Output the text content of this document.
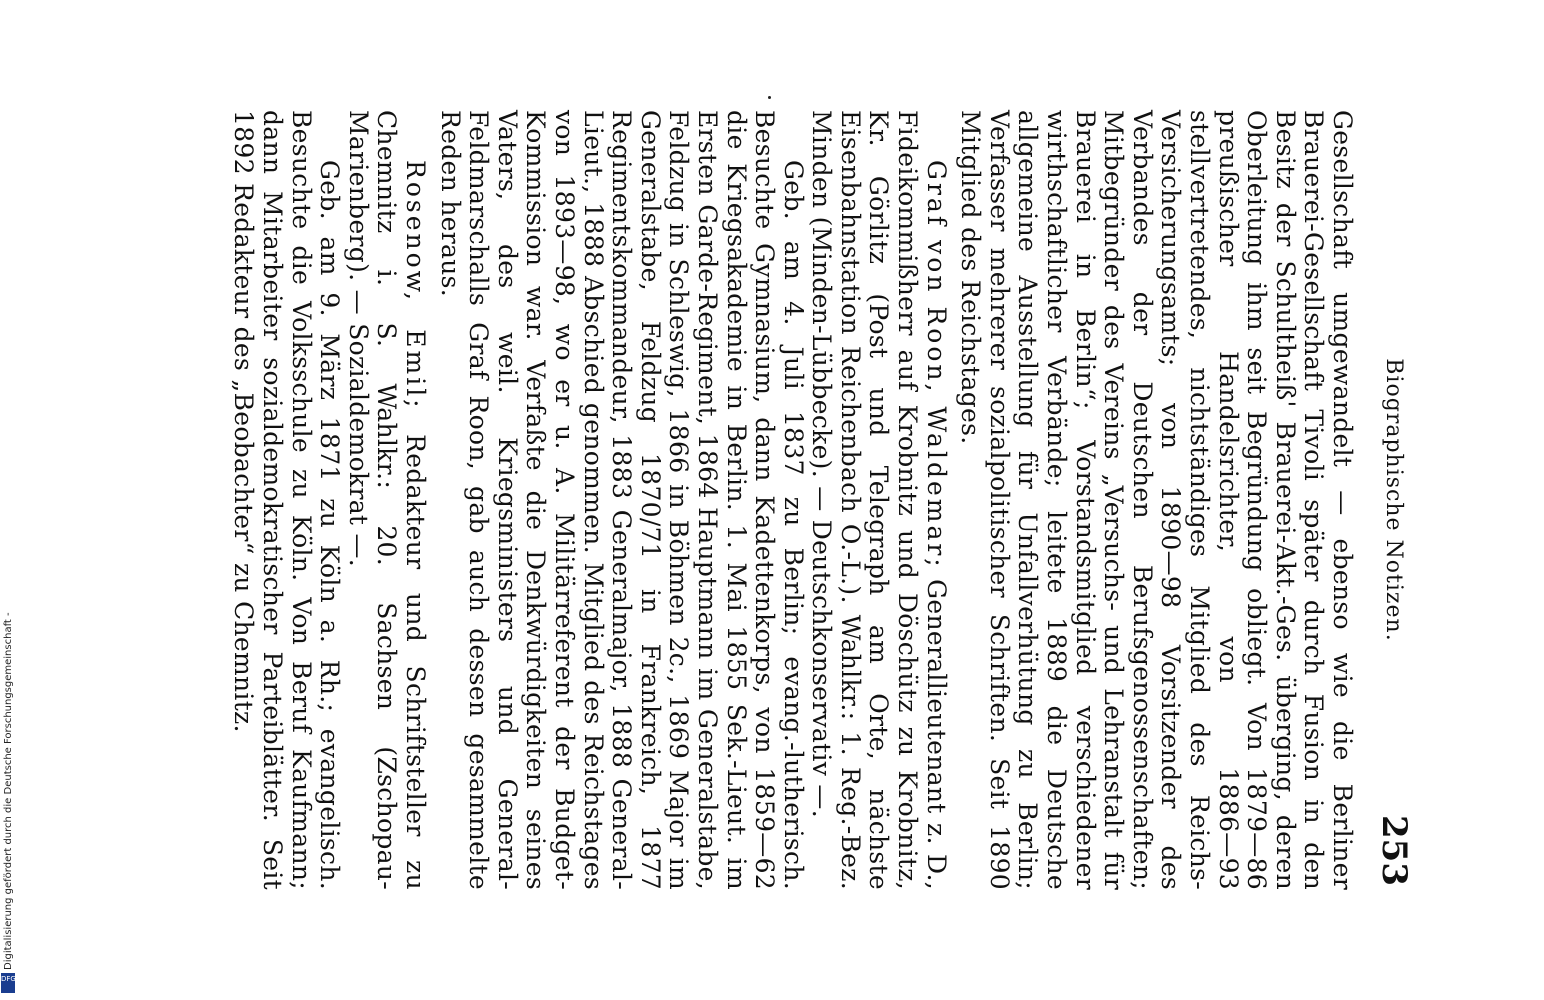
Biographische Notizen.
253

Gesellschaft umgewandelt — ebenso wie die Berliner Brauerei-Gesellschaft Tivoli später durch Fusion in den Besitz der Schultheiß' Brauerei-Akt.-Ges. überging, deren Oberleitung ihm seit Begründung obliegt. Von 1879—86 preußischer Handelsrichter, von 1886—93 stellvertretendes, nichtständiges Mitglied des Reichs-Versicherungsamts; von 1890—98 Vorsitzender des Verbandes der Deutschen Berufsgenossenschaften; Mitbegründer des Vereins „Versuchs- und Lehranstalt für Brauerei in Berlin“; Vorstandsmitglied verschiedener wirthschaftlicher Verbände; leitete 1889 die Deutsche allgemeine Ausstellung für Unfallverhütung zu Berlin; Verfasser mehrerer sozialpolitischer Schriften. Seit 1890 Mitglied des Reichstages.

Graf von Roon, Waldemar; Generallieutenant z. D., Fideikommißherr auf Krobnitz und Döschütz zu Krobnitz, Kr. Görlitz (Post und Telegraph am Orte, nächste Eisenbahnstation Reichenbach O.-L.). Wahlkr.: 1. Reg.-Bez. Minden (Minden-Lübbecke). — Deutschkonservativ —.

Geb. am 4. Juli 1837 zu Berlin; evang.-lutherisch. Besuchte Gymnasium, dann Kadettenkorps, von 1859—62 die Kriegsakademie in Berlin. 1. Mai 1855 Sek.-Lieut. im Ersten Garde-Regiment, 1864 Hauptmann im Generalstabe, Feldzug in Schleswig, 1866 in Böhmen 2c., 1869 Major im Generalstabe, Feldzug 1870/71 in Frankreich, 1877 Regimentskommandeur, 1883 Generalmajor, 1888 General-Lieut., 1888 Abschied genommen. Mitglied des Reichstages von 1893—98, wo er u. A. Militärreferent der Budget-Kommission war. Verfaßte die Denkwürdigkeiten seines Vaters, des weil. Kriegsministers und General-Feldmarschalls Graf Roon, gab auch dessen gesammelte Reden heraus.

Rosenow, Emil; Redakteur und Schriftsteller zu Chemnitz i. S. Wahlkr.: 20. Sachsen (Zschopau-Marienberg). — Sozialdemokrat —.

Geb. am 9. März 1871 zu Köln a. Rh.; evangelisch. Besuchte die Volksschule zu Köln. Von Beruf Kaufmann; dann Mitarbeiter sozialdemokratischer Parteiblätter. Seit 1892 Redakteur des „Beobachter“ zu Chemnitz.

Digitalisierung gefördert durch die Deutsche Forschungsgemeinschaft -
DFG
